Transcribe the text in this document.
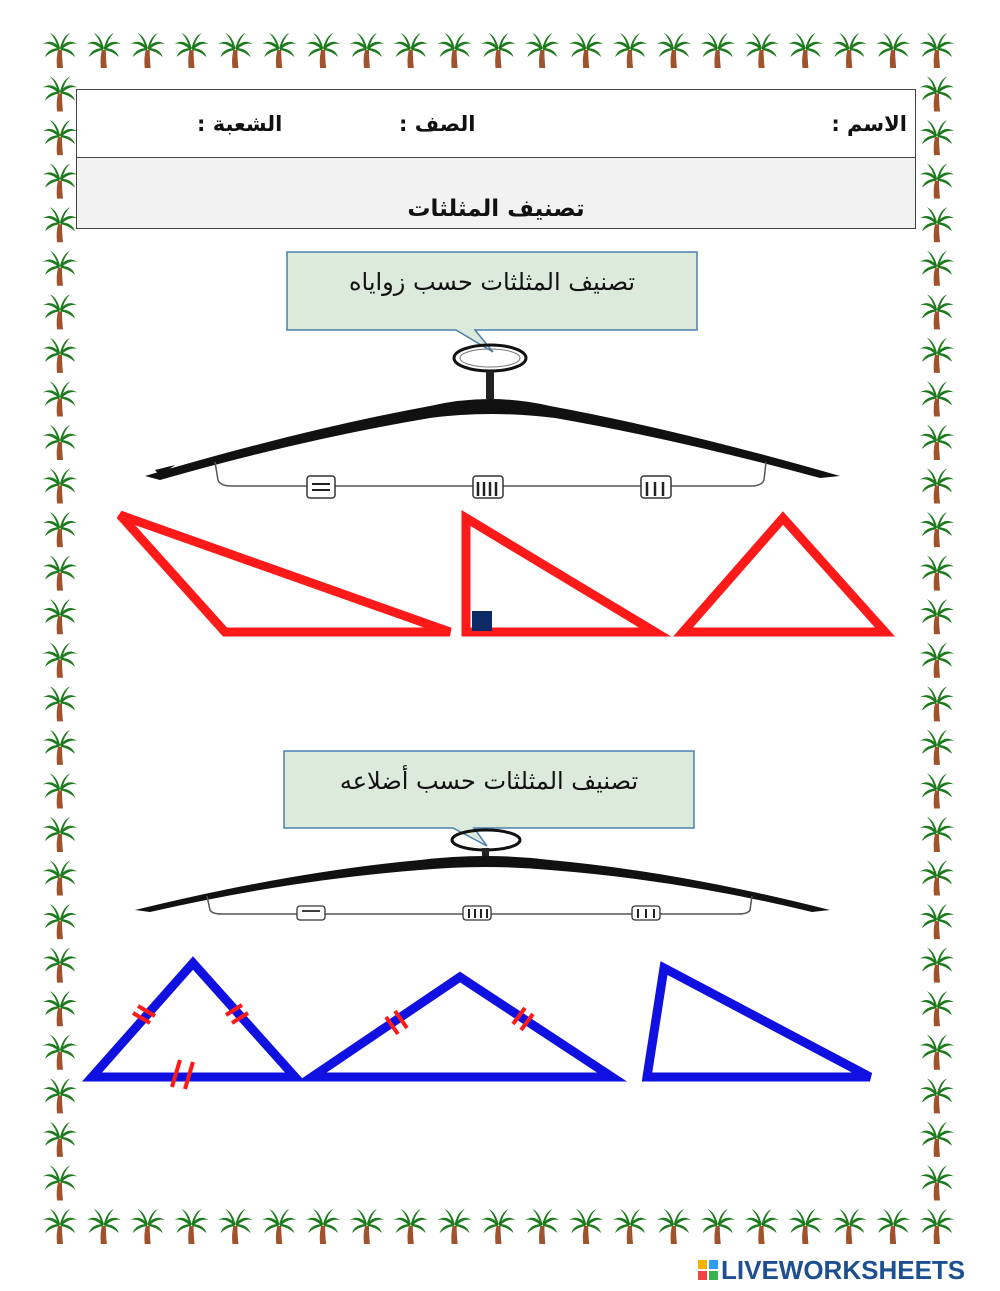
الاسم :
الصف :
الشعبة :
تصنيف المثلثات
تصنيف المثلثات حسب زواياه
تصنيف المثلثات حسب أضلاعه
LIVEWORKSHEETS
